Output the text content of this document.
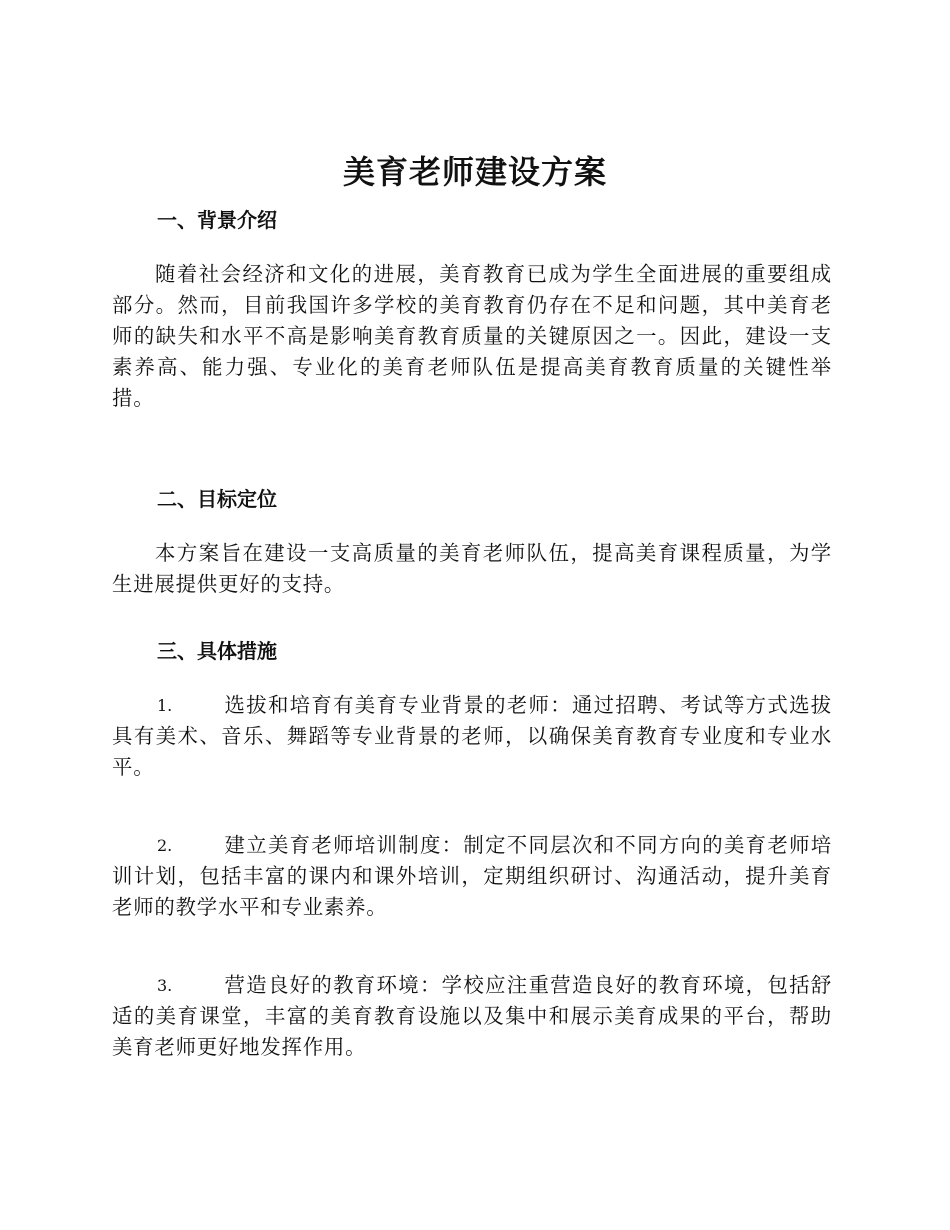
美育老师建设方案
一、背景介绍
随着社会经济和文化的进展，美育教育已成为学生全面进展的重要组成部分。然而，目前我国许多学校的美育教育仍存在不足和问题，其中美育老师的缺失和水平不高是影响美育教育质量的关键原因之一。因此，建设一支素养高、能力强、专业化的美育老师队伍是提高美育教育质量的关键性举措。
二、目标定位
本方案旨在建设一支高质量的美育老师队伍，提高美育课程质量，为学生进展提供更好的支持。
三、具体措施
1.	选拔和培育有美育专业背景的老师：通过招聘、考试等方式选拔具有美术、音乐、舞蹈等专业背景的老师，以确保美育教育专业度和专业水平。
2.	建立美育老师培训制度：制定不同层次和不同方向的美育老师培训计划，包括丰富的课内和课外培训，定期组织研讨、沟通活动，提升美育老师的教学水平和专业素养。
3.	营造良好的教育环境：学校应注重营造良好的教育环境，包括舒适的美育课堂，丰富的美育教育设施以及集中和展示美育成果的平台，帮助美育老师更好地发挥作用。
